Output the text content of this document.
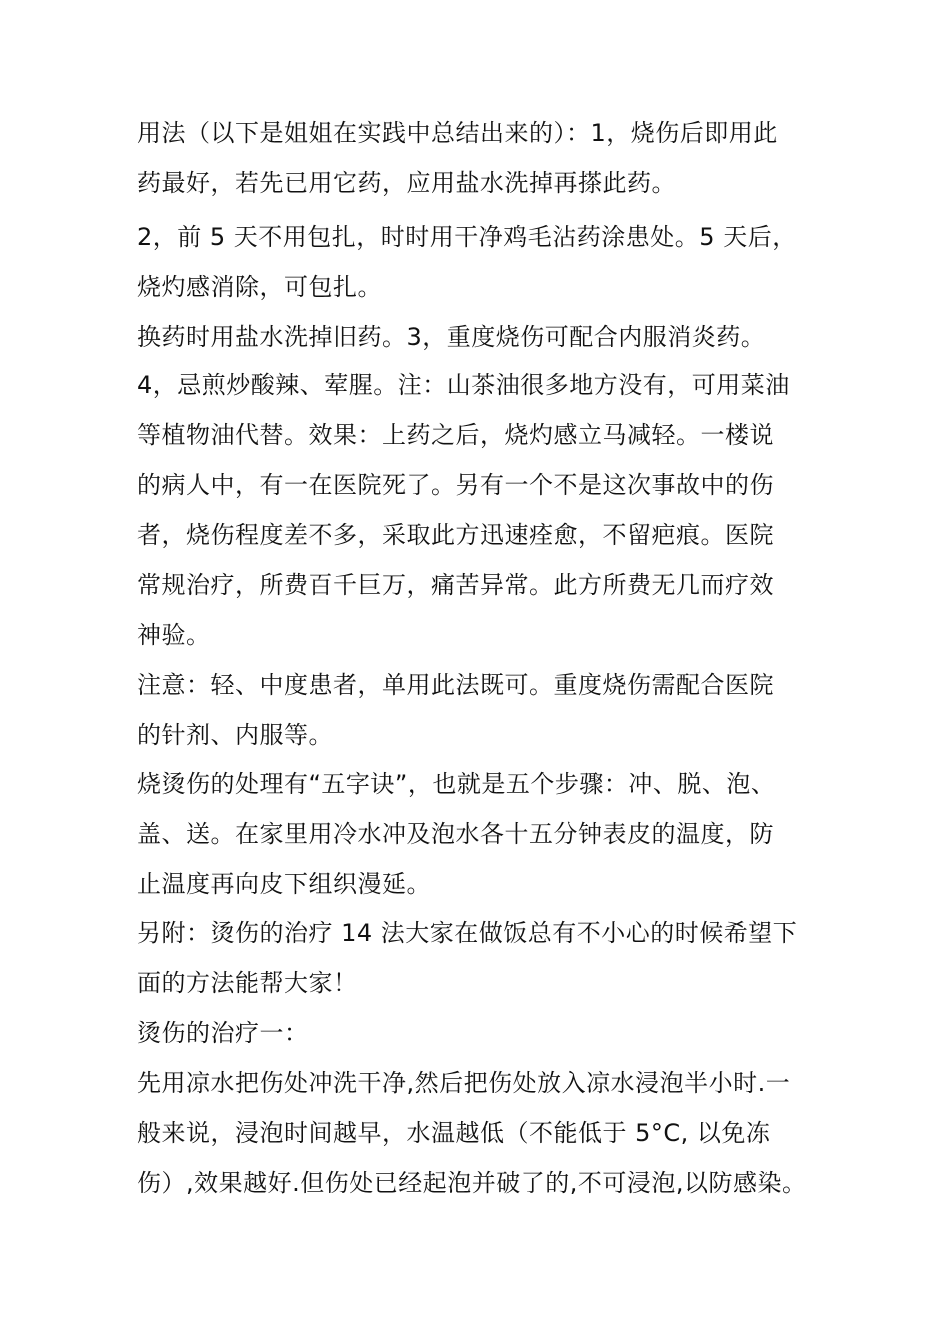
用法（以下是姐姐在实践中总结出来的）：1，烧伤后即用此
药最好，若先已用它药，应用盐水洗掉再搽此药。
2，前 5 天不用包扎，时时用干净鸡毛沾药涂患处。5 天后，
烧灼感消除，可包扎。
换药时用盐水洗掉旧药。3，重度烧伤可配合内服消炎药。
4，忌煎炒酸辣、荤腥。注：山茶油很多地方没有，可用菜油
等植物油代替。效果：上药之后，烧灼感立马减轻。一楼说
的病人中，有一在医院死了。另有一个不是这次事故中的伤
者，烧伤程度差不多，采取此方迅速痊愈，不留疤痕。医院
常规治疗，所费百千巨万，痛苦异常。此方所费无几而疗效
神验。
注意：轻、中度患者，单用此法既可。重度烧伤需配合医院
的针剂、内服等。
烧烫伤的处理有“五字诀”，也就是五个步骤：冲、脱、泡、
盖、送。在家里用冷水冲及泡水各十五分钟表皮的温度，防
止温度再向皮下组织漫延。
另附：烫伤的治疗 14 法大家在做饭总有不小心的时候希望下
面的方法能帮大家！
烫伤的治疗一：
先用凉水把伤处冲洗干净,然后把伤处放入凉水浸泡半小时.一
般来说，浸泡时间越早，水温越低（不能低于 5°C, 以免冻
伤）,效果越好.但伤处已经起泡并破了的,不可浸泡,以防感染。
